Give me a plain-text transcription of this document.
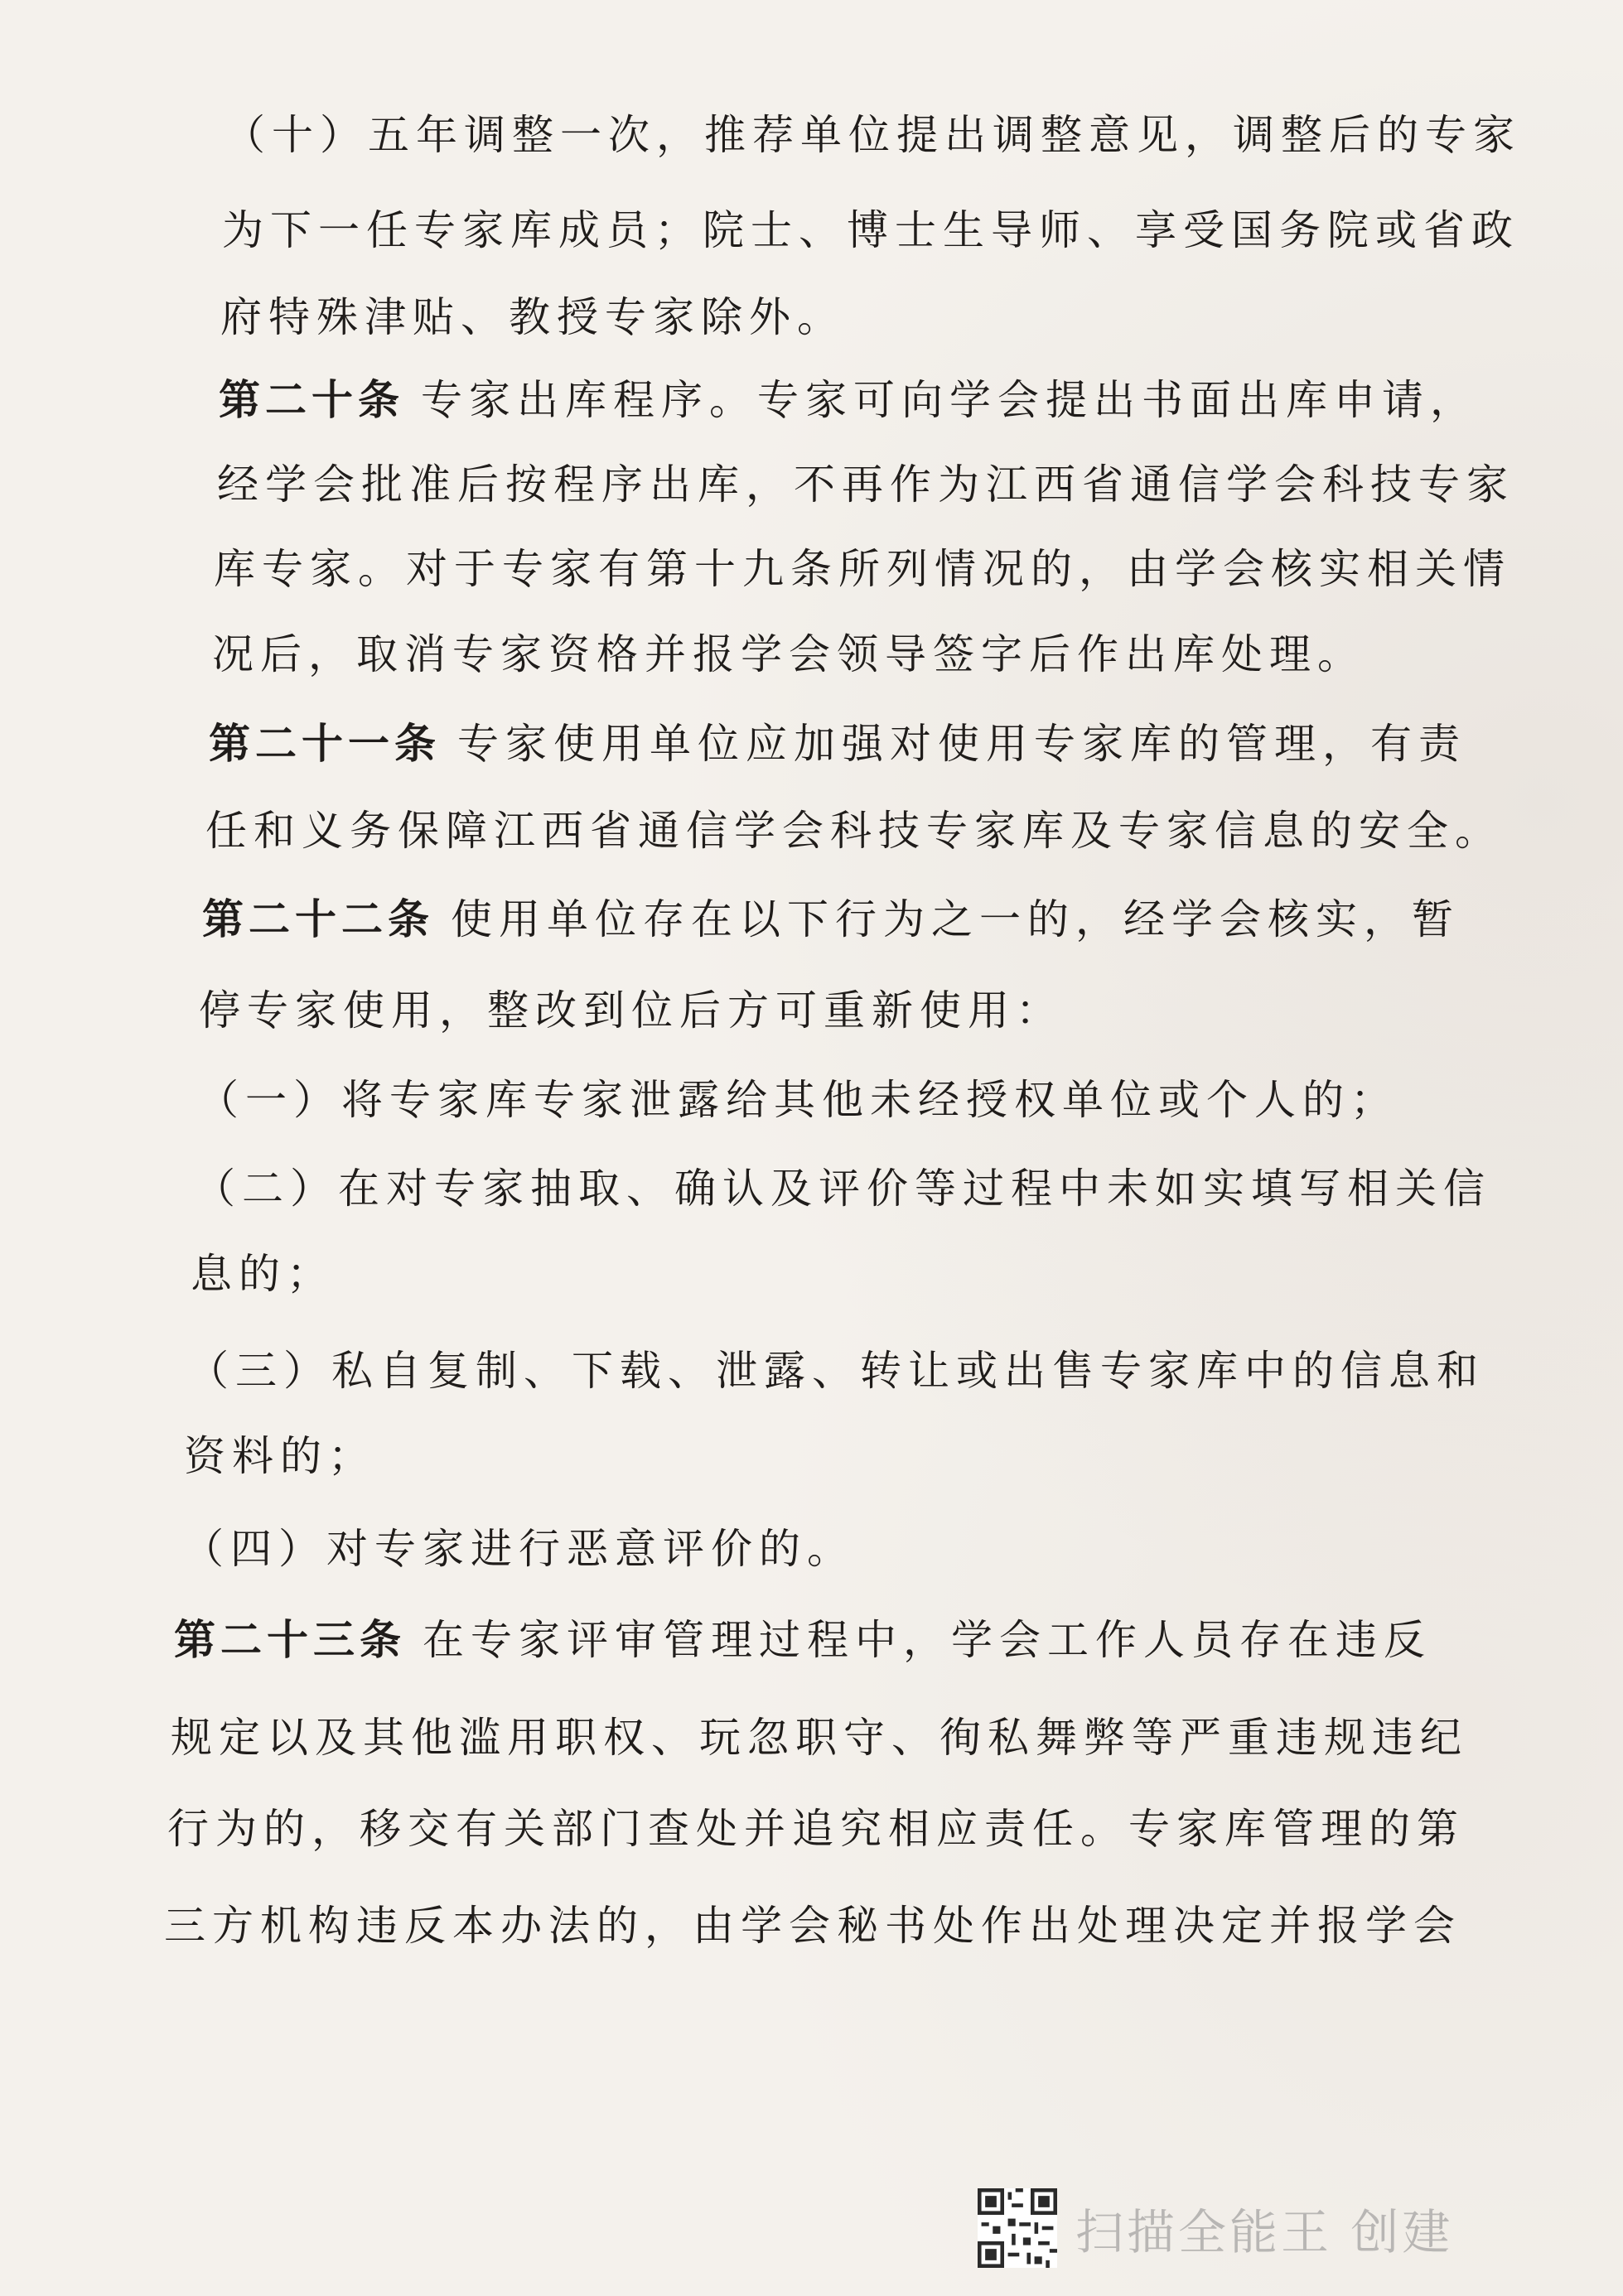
（十）五年调整一次，推荐单位提出调整意见，调整后的专家
为下一任专家库成员；院士、博士生导师、享受国务院或省政
府特殊津贴、教授专家除外。
第二十条 专家出库程序。专家可向学会提出书面出库申请，
经学会批准后按程序出库，不再作为江西省通信学会科技专家
库专家。对于专家有第十九条所列情况的，由学会核实相关情
况后，取消专家资格并报学会领导签字后作出库处理。
第二十一条 专家使用单位应加强对使用专家库的管理，有责
任和义务保障江西省通信学会科技专家库及专家信息的安全。
第二十二条 使用单位存在以下行为之一的，经学会核实，暂
停专家使用，整改到位后方可重新使用：
（一）将专家库专家泄露给其他未经授权单位或个人的；
（二）在对专家抽取、确认及评价等过程中未如实填写相关信
息的；
（三）私自复制、下载、泄露、转让或出售专家库中的信息和
资料的；
（四）对专家进行恶意评价的。
第二十三条 在专家评审管理过程中，学会工作人员存在违反
规定以及其他滥用职权、玩忽职守、徇私舞弊等严重违规违纪
行为的，移交有关部门查处并追究相应责任。专家库管理的第
三方机构违反本办法的，由学会秘书处作出处理决定并报学会
扫描全能王 创建
